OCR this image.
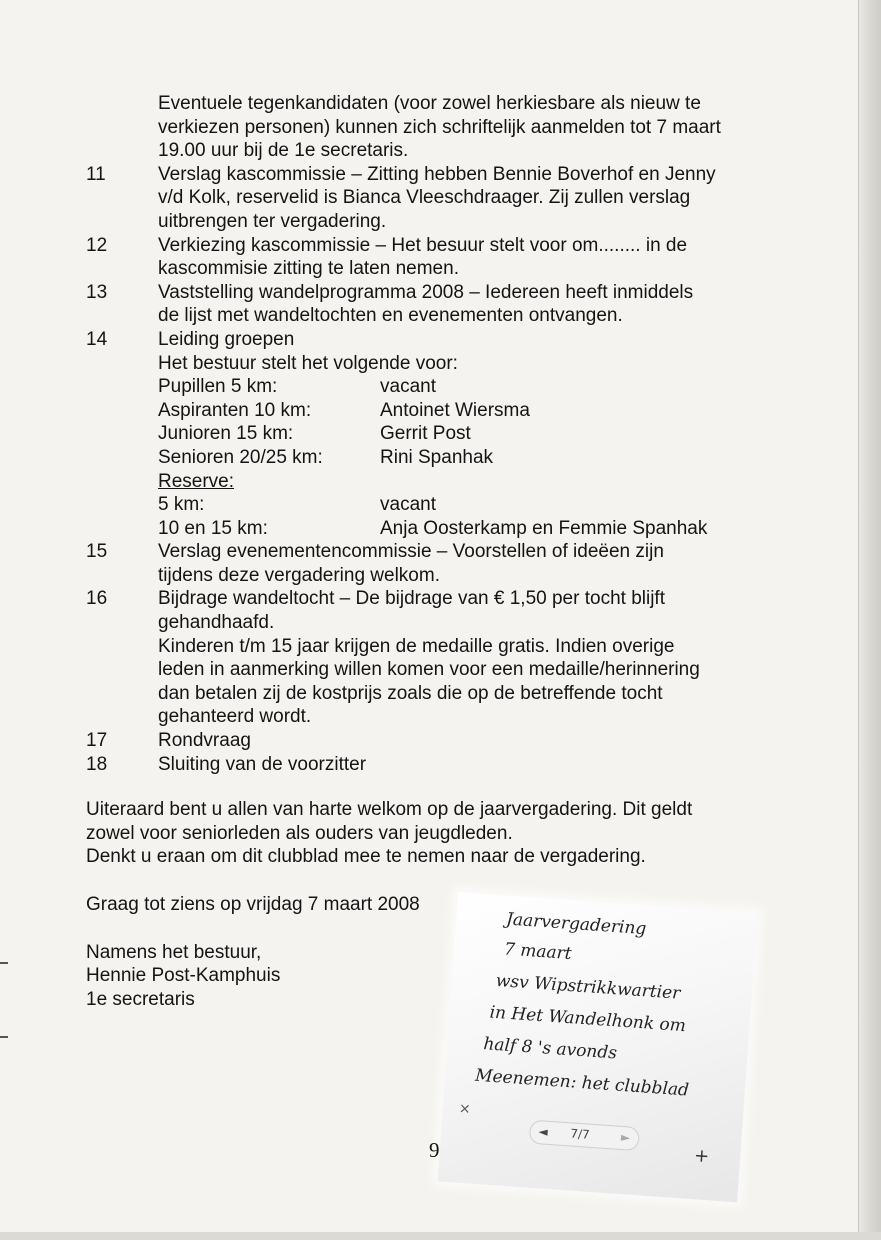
Eventuele tegenkandidaten (voor zowel herkiesbare als nieuw te
verkiezen personen) kunnen zich schriftelijk aanmelden tot 7 maart
19.00 uur bij de 1e secretaris.
11	Verslag kascommissie – Zitting hebben Bennie Boverhof en Jenny
v/d Kolk, reservelid is Bianca Vleeschdraager. Zij zullen verslag
uitbrengen ter vergadering.
12	Verkiezing kascommissie – Het besuur stelt voor om........ in de
kascommisie zitting te laten nemen.
13	Vaststelling wandelprogramma 2008 – Iedereen heeft inmiddels
de lijst met wandeltochten en evenementen ontvangen.
14	Leiding groepen
Het bestuur stelt het volgende voor:
Pupillen 5 km:	vacant
Aspiranten 10 km:	Antoinet Wiersma
Junioren 15 km:	Gerrit Post
Senioren 20/25 km:	Rini Spanhak
Reserve:
5 km:	vacant
10 en 15 km:	Anja Oosterkamp en Femmie Spanhak
15	Verslag evenementencommissie – Voorstellen of ideëen zijn
tijdens deze vergadering welkom.
16	Bijdrage wandeltocht – De bijdrage van € 1,50 per tocht blijft
gehandhaafd.
Kinderen t/m 15 jaar krijgen de medaille gratis. Indien overige
leden in aanmerking willen komen voor een medaille/herinnering
dan betalen zij de kostprijs zoals die op de betreffende tocht
gehanteerd wordt.
17	Rondvraag
18	Sluiting van de voorzitter
Uiteraard bent u allen van harte welkom op de jaarvergadering. Dit geldt
zowel voor seniorleden als ouders van jeugdleden.
Denkt u eraan om dit clubblad mee te nemen naar de vergadering.
Graag tot ziens op vrijdag 7 maart 2008
Namens het bestuur,
Hennie Post-Kamphuis
1e secretaris
Jaarvergadering
7 maart
wsv Wipstrikkwartier
in Het Wandelhonk om
half 8 's avonds
Meenemen: het clubblad
×
◄ 7/7	►
+
9
